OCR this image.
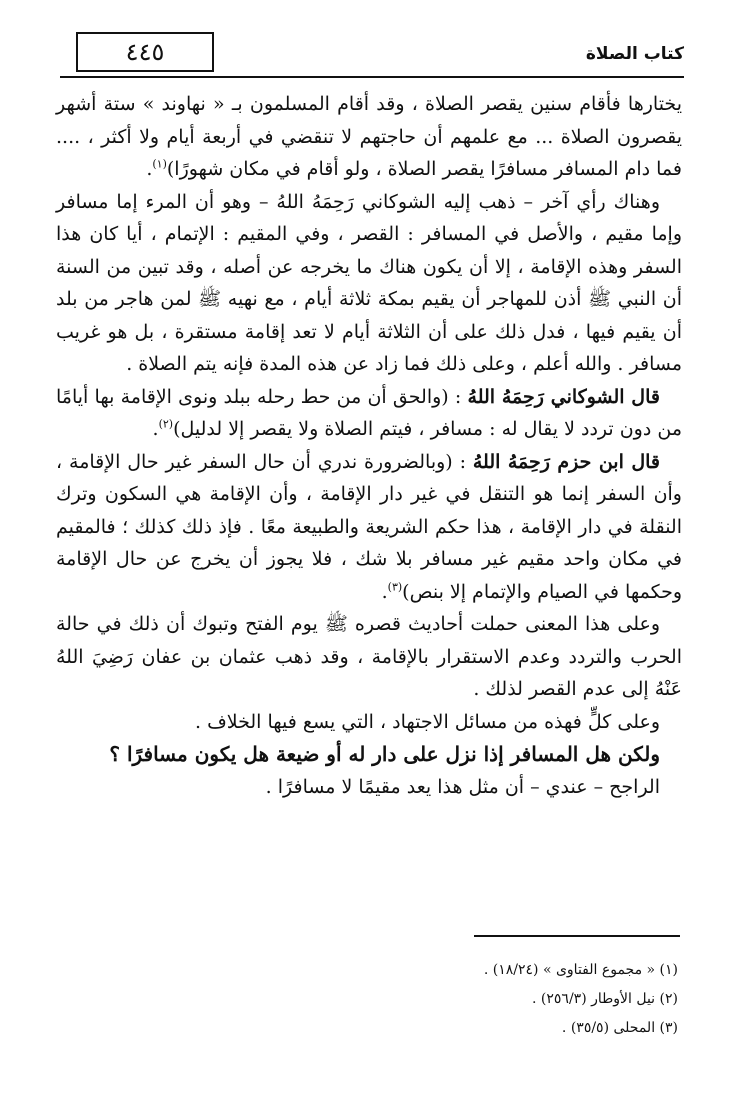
٤٤٥	كتاب الصلاة

يختارها فأقام سنين يقصر الصلاة ، وقد أقام المسلمون بـ « نهاوند » ستة أشهر يقصرون الصلاة ... مع علمهم أن حاجتهم لا تنقضي في أربعة أيام ولا أكثر ، .... فما دام المسافر مسافرًا يقصر الصلاة ، ولو أقام في مكان شهورًا)$^{(١)}$.

وهناك رأي آخر – ذهب إليه الشوكاني رَحِمَهُ اللهُ – وهو أن المرء إما مسافر وإما مقيم ، والأصل في المسافر : القصر ، وفي المقيم : الإتمام ، أيا كان هذا السفر وهذه الإقامة ، إلا أن يكون هناك ما يخرجه عن أصله ، وقد تبين من السنة أن النبي ﷺ أذن للمهاجر أن يقيم بمكة ثلاثة أيام ، مع نهيه ﷺ لمن هاجر من بلد أن يقيم فيها ، فدل ذلك على أن الثلاثة أيام لا تعد إقامة مستقرة ، بل هو غريب مسافر . والله أعلم ، وعلى ذلك فما زاد عن هذه المدة فإنه يتم الصلاة .

قال الشوكاني رَحِمَهُ اللهُ : (والحق أن من حط رحله ببلد ونوى الإقامة بها أيامًا من دون تردد لا يقال له : مسافر ، فيتم الصلاة ولا يقصر إلا لدليل)$^{(٢)}$.

قال ابن حزم رَحِمَهُ اللهُ : (وبالضرورة ندري أن حال السفر غير حال الإقامة ، وأن السفر إنما هو التنقل في غير دار الإقامة ، وأن الإقامة هي السكون وترك النقلة في دار الإقامة ، هذا حكم الشريعة والطبيعة معًا . فإذ ذلك كذلك ؛ فالمقيم في مكان واحد مقيم غير مسافر بلا شك ، فلا يجوز أن يخرج عن حال الإقامة وحكمها في الصيام والإتمام إلا بنص)$^{(٣)}$.

وعلى هذا المعنى حملت أحاديث قصره ﷺ يوم الفتح وتبوك أن ذلك في حالة الحرب والتردد وعدم الاستقرار بالإقامة ، وقد ذهب عثمان بن عفان رَضِيَ اللهُ عَنْهُ إلى عدم القصر لذلك .

وعلى كلٍّ فهذه من مسائل الاجتهاد ، التي يسع فيها الخلاف .

ولكن هل المسافر إذا نزل على دار له أو ضيعة هل يكون مسافرًا ؟

الراجح – عندي – أن مثل هذا يعد مقيمًا لا مسافرًا .

(١) « مجموع الفتاوى » (١٨/٢٤) .
(٢) نيل الأوطار (٢٥٦/٣) .
(٣) المحلى (٣٥/٥) .
